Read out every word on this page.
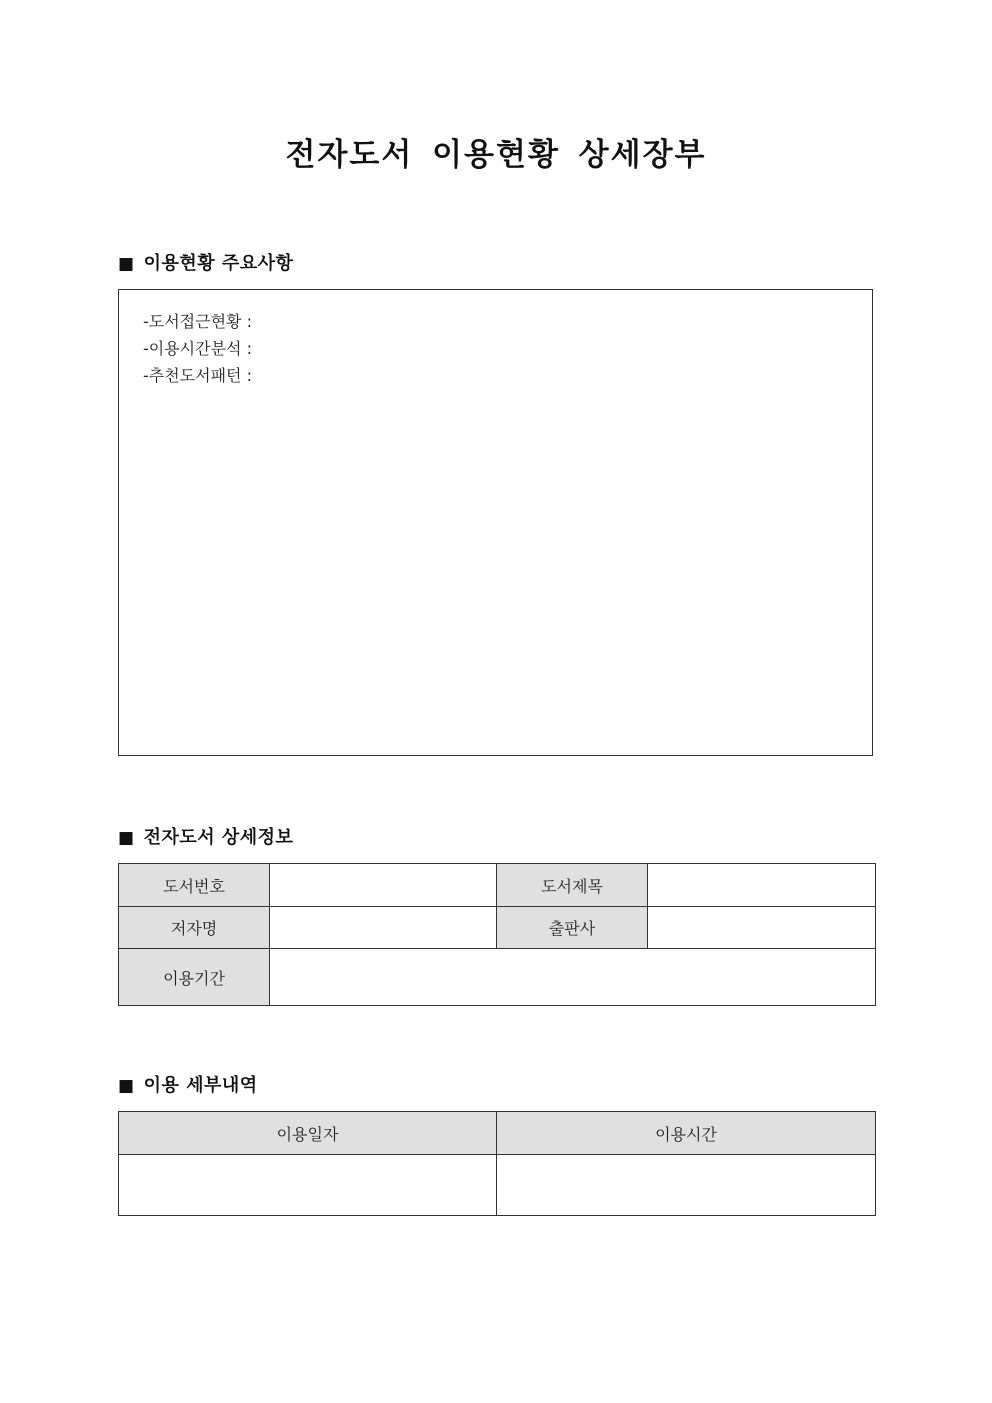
전자도서 이용현황 상세장부
■ 이용현황 주요사항
-도서접근현황 :
-이용시간분석 :
-추천도서패턴 :
■ 전자도서 상세정보
도서번호		도서제목	
저자명		출판사	
이용기간			
■ 이용 세부내역
이용일자	이용시간
